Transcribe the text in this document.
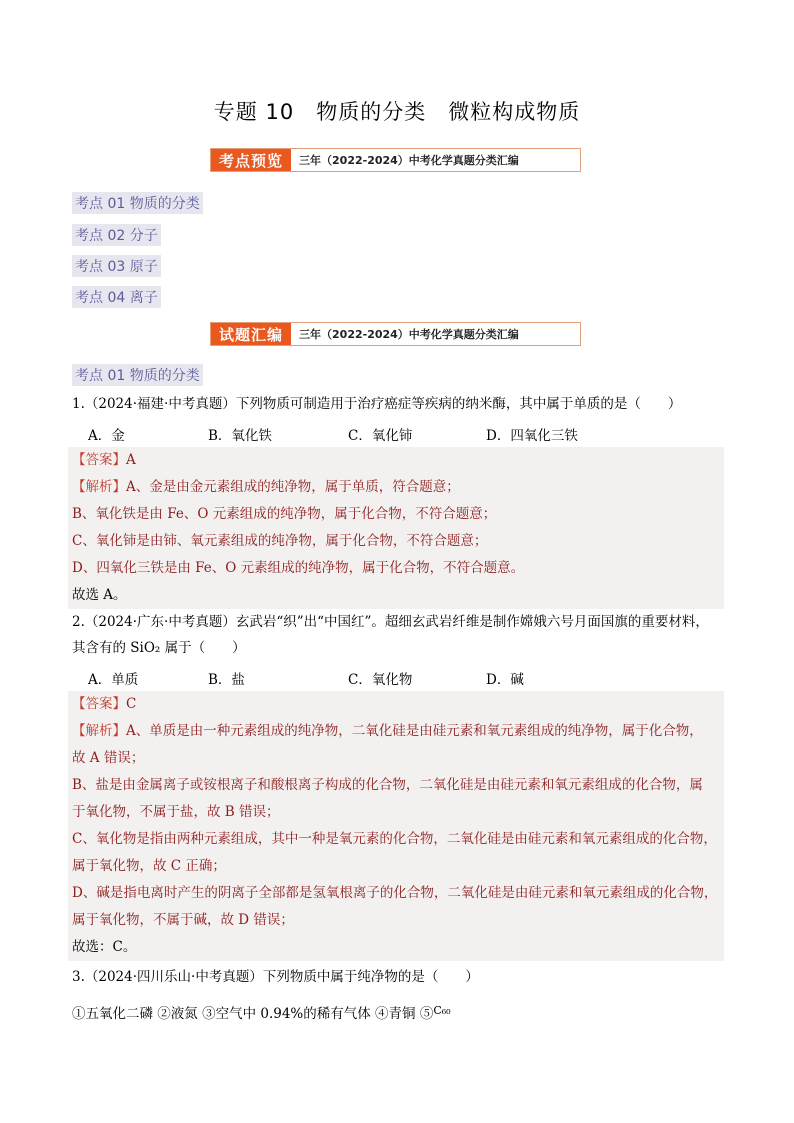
专题 10　物质的分类　微粒构成物质
考点预览	三年（2022-2024）中考化学真题分类汇编
考点 01 物质的分类
考点 02 分子
考点 03 原子
考点 04 离子
试题汇编	三年（2022-2024）中考化学真题分类汇编
考点 01 物质的分类
1.（2024·福建·中考真题）下列物质可制造用于治疗癌症等疾病的纳米酶，其中属于单质的是（　　）
A．金	B．氧化铁	C．氧化铈	D．四氧化三铁
【答案】A
【解析】A、金是由金元素组成的纯净物，属于单质，符合题意；
B、氧化铁是由 Fe、O 元素组成的纯净物，属于化合物，不符合题意；
C、氧化铈是由铈、氧元素组成的纯净物，属于化合物，不符合题意；
D、四氧化三铁是由 Fe、O 元素组成的纯净物，属于化合物，不符合题意。
故选 A。
2.（2024·广东·中考真题）玄武岩“织”出“中国红”。超细玄武岩纤维是制作嫦娥六号月面国旗的重要材料，
其含有的 SiO₂ 属于（　　）
A．单质	B．盐	C．氧化物	D．碱
【答案】C
【解析】A、单质是由一种元素组成的纯净物，二氧化硅是由硅元素和氧元素组成的纯净物，属于化合物，
故 A 错误；
B、盐是由金属离子或铵根离子和酸根离子构成的化合物，二氧化硅是由硅元素和氧元素组成的化合物，属
于氧化物，不属于盐，故 B 错误；
C、氧化物是指由两种元素组成，其中一种是氧元素的化合物，二氧化硅是由硅元素和氧元素组成的化合物，
属于氧化物，故 C 正确；
D、碱是指电离时产生的阴离子全部都是氢氧根离子的化合物，二氧化硅是由硅元素和氧元素组成的化合物，
属于氧化物，不属于碱，故 D 错误；
故选：C。
3.（2024·四川乐山·中考真题）下列物质中属于纯净物的是（　　）
①五氧化二磷 ②液氮 ③空气中 0.94%的稀有气体 ④青铜 ⑤$^{C_{60}}$
